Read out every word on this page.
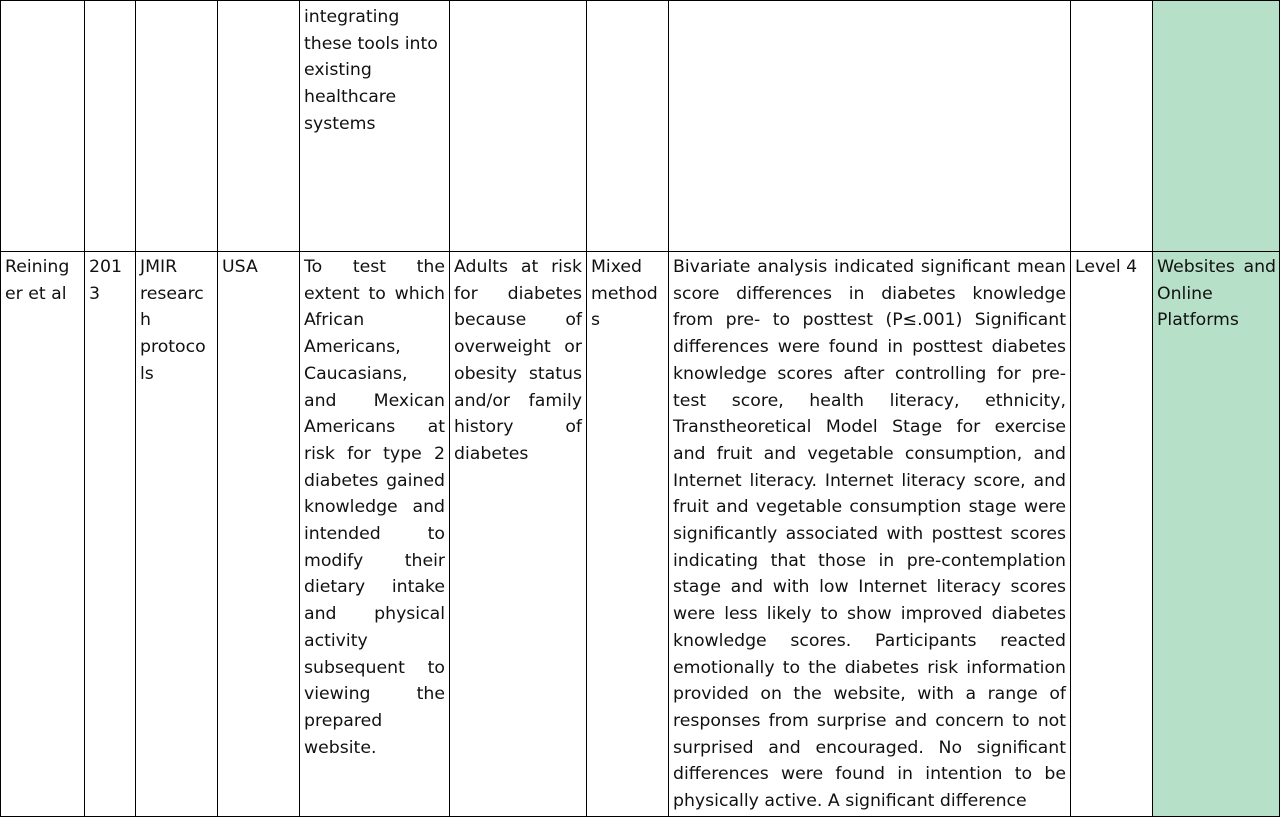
integrating these tools into existing healthcare systems
Reining er et al
201 3
JMIR researc h protoco ls
USA	To test the extent to which African Americans, Caucasians, and Mexican Americans at risk for type 2 diabetes gained knowledge and intended to modify their dietary intake and physical activity subsequent to viewing the prepared website.
Adults at risk for diabetes because of overweight or obesity status and/or family history of diabetes
Mixed method s
Bivariate analysis indicated significant mean score differences in diabetes knowledge from pre- to posttest (P≤.001) Significant differences were found in posttest diabetes knowledge scores after controlling for pre-test score, health literacy, ethnicity, Transtheoretical Model Stage for exercise and fruit and vegetable consumption, and Internet literacy. Internet literacy score, and fruit and vegetable consumption stage were significantly associated with posttest scores indicating that those in pre-contemplation stage and with low Internet literacy scores were less likely to show improved diabetes knowledge scores. Participants reacted emotionally to the diabetes risk information provided on the website, with a range of responses from surprise and concern to not surprised and encouraged. No significant differences were found in intention to be physically active. A significant difference
Level 4	Websites and Online Platforms
